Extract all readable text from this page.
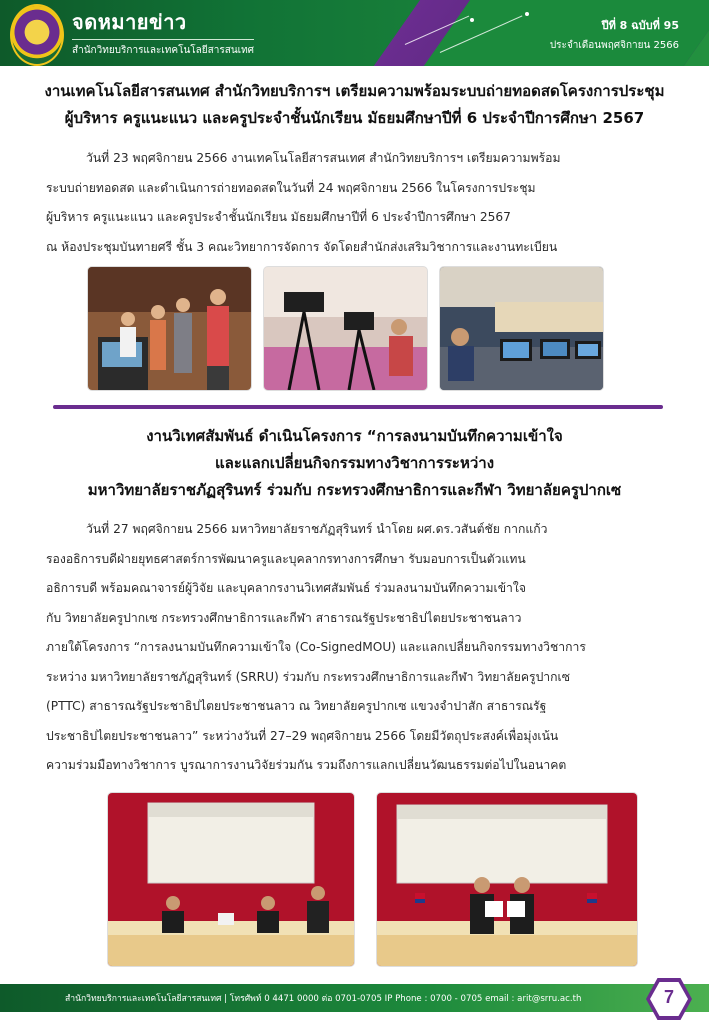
จดหมายข่าว
สำนักวิทยบริการและเทคโนโลยีสารสนเทศ
ปีที่ 8 ฉบับที่ 95
ประจำเดือนพฤศจิกายน 2566
งานเทคโนโลยีสารสนเทศ สำนักวิทยบริการฯ เตรียมความพร้อมระบบถ่ายทอดสดโครงการประชุม
ผู้บริหาร ครูแนะแนว และครูประจำชั้นนักเรียน มัธยมศึกษาปีที่ 6 ประจำปีการศึกษา 2567
วันที่ 23 พฤศจิกายน 2566 งานเทคโนโลยีสารสนเทศ สำนักวิทยบริการฯ เตรียมความพร้อม
ระบบถ่ายทอดสด และดำเนินการถ่ายทอดสดในวันที่ 24 พฤศจิกายน 2566 ในโครงการประชุม
ผู้บริหาร ครูแนะแนว และครูประจำชั้นนักเรียน มัธยมศึกษาปีที่ 6 ประจำปีการศึกษา 2567
ณ ห้องประชุมบันทายศรี ชั้น 3 คณะวิทยาการจัดการ จัดโดยสำนักส่งเสริมวิชาการและงานทะเบียน
งานวิเทศสัมพันธ์ ดำเนินโครงการ “การลงนามบันทึกความเข้าใจ
และแลกเปลี่ยนกิจกรรมทางวิชาการระหว่าง
มหาวิทยาลัยราชภัฏสุรินทร์ ร่วมกับ กระทรวงศึกษาธิการและกีฬา วิทยาลัยครูปากเซ
วันที่ 27 พฤศจิกายน 2566 มหาวิทยาลัยราชภัฏสุรินทร์ นำโดย ผศ.ดร.วสันต์ชัย กากแก้ว
รองอธิการบดีฝ่ายยุทธศาสตร์การพัฒนาครูและบุคลากรทางการศึกษา รับมอบการเป็นตัวแทน
อธิการบดี พร้อมคณาจารย์ผู้วิจัย และบุคลากรงานวิเทศสัมพันธ์ ร่วมลงนามบันทึกความเข้าใจ
กับ วิทยาลัยครูปากเซ กระทรวงศึกษาธิการและกีฬา สาธารณรัฐประชาธิปไตยประชาชนลาว
ภายใต้โครงการ “การลงนามบันทึกความเข้าใจ (Co-SignedMOU) และแลกเปลี่ยนกิจกรรมทางวิชาการ
ระหว่าง มหาวิทยาลัยราชภัฏสุรินทร์ (SRRU) ร่วมกับ กระทรวงศึกษาธิการและกีฬา วิทยาลัยครูปากเซ
(PTTC) สาธารณรัฐประชาธิปไตยประชาชนลาว ณ วิทยาลัยครูปากเซ แขวงจำปาสัก สาธารณรัฐ
ประชาธิปไตยประชาชนลาว” ระหว่างวันที่ 27–29 พฤศจิกายน 2566 โดยมีวัตถุประสงค์เพื่อมุ่งเน้น
ความร่วมมือทางวิชาการ บูรณาการงานวิจัยร่วมกัน รวมถึงการแลกเปลี่ยนวัฒนธรรมต่อไปในอนาคต
สำนักวิทยบริการและเทคโนโลยีสารสนเทศ | โทรศัพท์ 0 4471 0000 ต่อ 0701-0705 IP Phone : 0700 - 0705 email : arit@srru.ac.th	7
